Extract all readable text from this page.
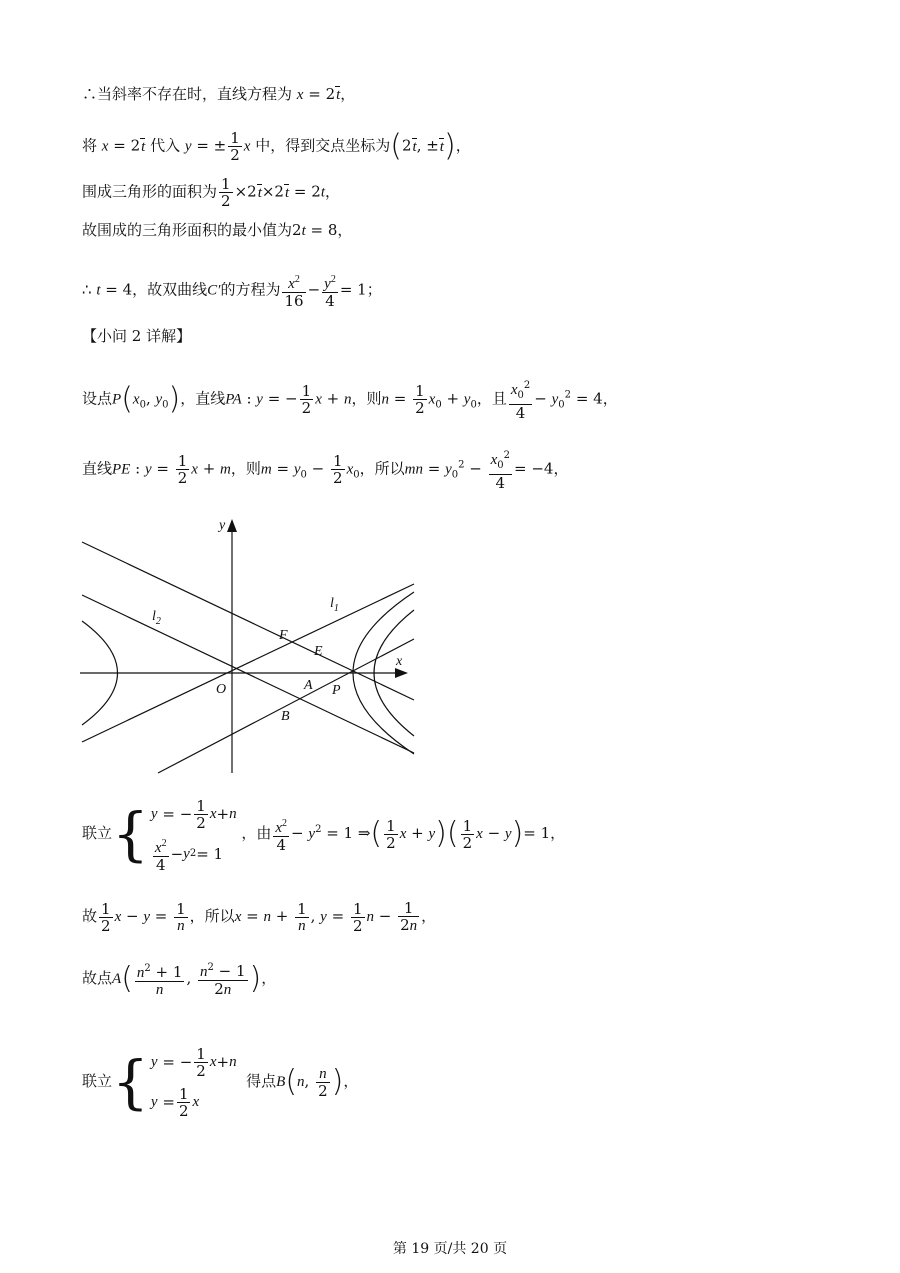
∴当斜率不存在时，直线方程为 x = 2t，
将 x = 2t 代入 y = ± $\frac{1}{2}$ x 中，得到交点坐标为(2t, ±t)，
围成三角形的面积为 $\frac{1}{2} \times 2t\times 2t = 2t$，
故围成的三角形面积的最小值为2t = 8，
∴ t = 4，故双曲线C′的方程为 $\frac{x^2}{16} - \frac{y^2}{4} = 1$；
【小问 2 详解】
设点$P(x_0$, $y_0$)，直线PA : y = − $\frac{1}{2}$ x + n，则$n = \frac{1}{2} x_0 + y_0$，且 $\frac{x_0^2}{4} - y_0^2 = 4$，
直线PE : $y = \frac{1}{2}$ x + m，则$m = y_0 - \frac{1}{2} x_0$，所以mn = $y_0^2 - \frac{x_0^2}{4} = -4$，
y
x
O
$l_1$
$l_2$
F
E
A P
B
联立{ y = − $\frac{1}{2}$ x + n
$\frac{x^2}{4} - y$ 2 = 1
，由 $\frac{x^2}{4} - y^2 = 1$ ⇒( $\frac{1}{2}$ $x + y)( \frac{1}{2}$ x − y)= 1，
故 $\frac{1}{2}$ $x - y = \frac{1}{n}$ ，所以$x = n + \frac{1}{n}$ , $y = \frac{1}{2}$ $n - \frac{1}{2n}$ ，
故点$A( \frac{n^2 + 1}{n}$ , $\frac{n^2 - 1}{2n}$ )，
联立{ y = − $\frac{1}{2}$ x + n
$y = \frac{1}{2}$ x
得点B(n, $\frac{n}{2}$ )，
第 19 页/共 20 页
